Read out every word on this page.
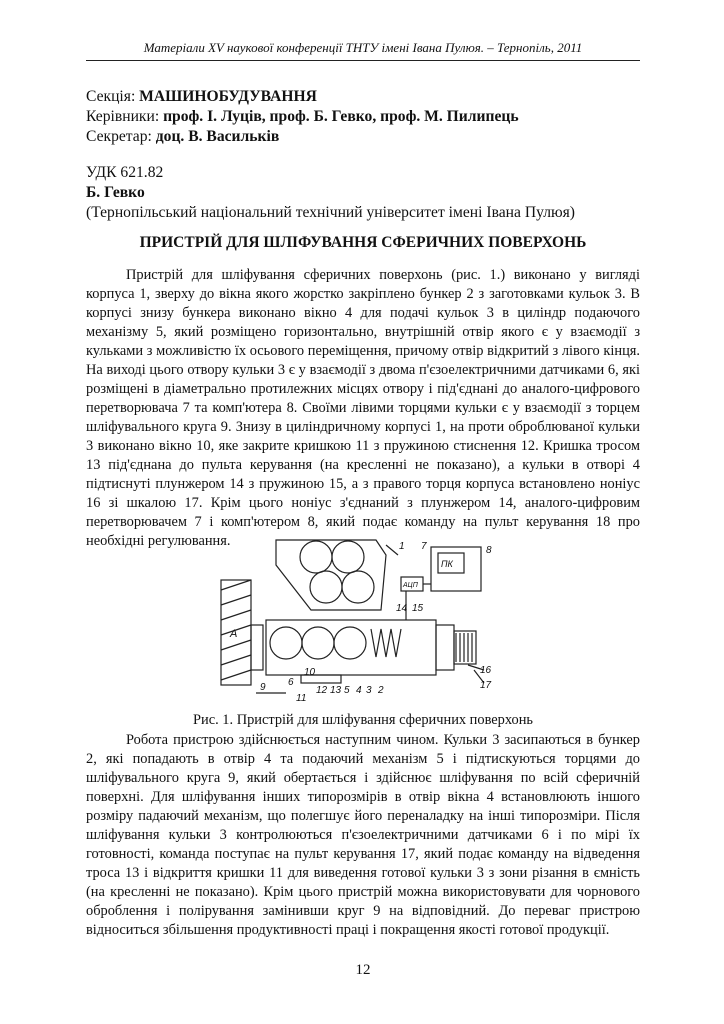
Матеріали XV наукової конференції ТНТУ імені Івана Пулюя. – Тернопіль, 2011
Секція: МАШИНОБУДУВАННЯ
Керівники: проф. І. Луців, проф. Б. Гевко, проф. М. Пилипець
Секретар: доц. В. Васильків
УДК 621.82
Б. Гевко
(Тернопільський національний технічний університет імені Івана Пулюя)
ПРИСТРІЙ ДЛЯ ШЛІФУВАННЯ СФЕРИЧНИХ ПОВЕРХОНЬ
Пристрій для шліфування сферичних поверхонь (рис. 1.) виконано у вигляді корпуса 1, зверху до вікна якого жорстко закріплено бункер 2 з заготовками кульок 3. В корпусі знизу бункера виконано вікно 4 для подачі кульок 3 в циліндр подаючого механізму 5, який розміщено горизонтально, внутрішній отвір якого є у взаємодії з кульками з можливістю їх осьового переміщення, причому отвір відкритий з лівого кінця. На виході цього отвору кульки 3 є у взаємодії з двома п'єзоелектричними датчиками 6, які розміщені в діаметрально протилежних місцях отвору і під'єднані до аналого-цифрового перетворювача 7 та комп'ютера 8. Своїми лівими торцями кульки є у взаємодії з торцем шліфувального круга 9. Знизу в циліндричному корпусі 1, на проти оброблюваної кульки 3 виконано вікно 10, яке закрите кришкою 11 з пружиною стиснення 12. Кришка тросом 13 під'єднана до пульта керування (на кресленні не показано), а кульки в отворі 4 підтиснуті плунжером 14 з пружиною 15, а з правого торця корпуса встановлено ноніус 16 зі шкалою 17. Крім цього ноніус з'єднаний з плунжером 14, аналого-цифровим перетворювачем 7 і комп'ютером 8, який подає команду на пульт керування 18 про необхідні регулювання.	1 7	8
ПК
АЦП
14 15
А
16
17
9 6
10
11
12 13 5 4 3 2
Рис. 1. Пристрій для шліфування сферичних поверхонь
Робота пристрою здійснюється наступним чином. Кульки 3 засипаються в бункер 2, які попадають в отвір 4 та подаючий механізм 5 і підтискуються торцями до шліфувального круга 9, який обертається і здійснює шліфування по всій сферичній поверхні. Для шліфування інших типорозмірів в отвір вікна 4 встановлюють іншого розміру падаючий механізм, що полегшує його переналадку на інші типорозміри. Після шліфування кульки 3 контролюються п'єзоелектричними датчиками 6 і по мірі їх готовності, команда поступає на пульт керування 17, який подає команду на відведення троса 13 і відкриття кришки 11 для виведення готової кульки 3 з зони різання в ємність (на кресленні не показано). Крім цього пристрій можна використовувати для чорнового оброблення і полірування замінивши круг 9 на відповідний. До переваг пристрою відноситься збільшення продуктивності праці і покращення якості готової продукції.
12
